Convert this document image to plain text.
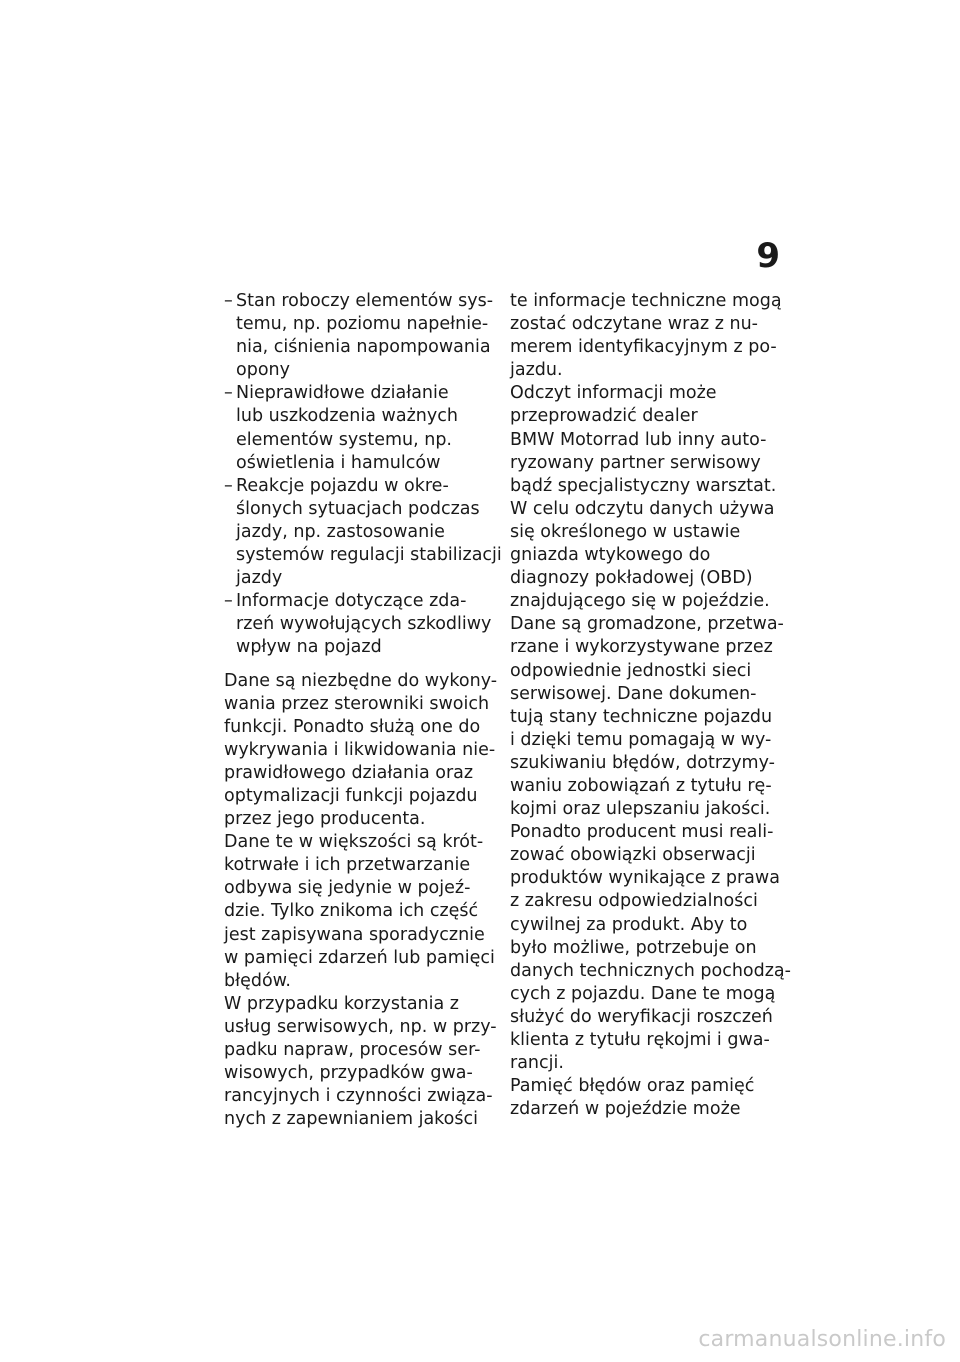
9
– Stan roboczy elementów sys-
temu, np. poziomu napełnie-
nia, ciśnienia napompowania
opony
– Nieprawidłowe działanie
lub uszkodzenia ważnych
elementów systemu, np.
oświetlenia i hamulców
– Reakcje pojazdu w okre-
ślonych sytuacjach podczas
jazdy, np. zastosowanie
systemów regulacji stabilizacji
jazdy
– Informacje dotyczące zda-
rzeń wywołujących szkodliwy
wpływ na pojazd
Dane są niezbędne do wykony-
wania przez sterowniki swoich
funkcji. Ponadto służą one do
wykrywania i likwidowania nie-
prawidłowego działania oraz
optymalizacji funkcji pojazdu
przez jego producenta.
Dane te w większości są krót-
kotrwałe i ich przetwarzanie
odbywa się jedynie w pojeź-
dzie. Tylko znikoma ich część
jest zapisywana sporadycznie
w pamięci zdarzeń lub pamięci
błędów.
W przypadku korzystania z
usług serwisowych, np. w przy-
padku napraw, procesów ser-
wisowych, przypadków gwa-
rancyjnych i czynności związa-
nych z zapewnianiem jakości
te informacje techniczne mogą
zostać odczytane wraz z nu-
merem identyfikacyjnym z po-
jazdu.
Odczyt informacji może
przeprowadzić dealer
BMW Motorrad lub inny auto-
ryzowany partner serwisowy
bądź specjalistyczny warsztat.
W celu odczytu danych używa
się określonego w ustawie
gniazda wtykowego do
diagnozy pokładowej (OBD)
znajdującego się w pojeździe.
Dane są gromadzone, przetwa-
rzane i wykorzystywane przez
odpowiednie jednostki sieci
serwisowej. Dane dokumen-
tują stany techniczne pojazdu
i dzięki temu pomagają w wy-
szukiwaniu błędów, dotrzymy-
waniu zobowiązań z tytułu rę-
kojmi oraz ulepszaniu jakości.
Ponadto producent musi reali-
zować obowiązki obserwacji
produktów wynikające z prawa
z zakresu odpowiedzialności
cywilnej za produkt. Aby to
było możliwe, potrzebuje on
danych technicznych pochodzą-
cych z pojazdu. Dane te mogą
służyć do weryfikacji roszczeń
klienta z tytułu rękojmi i gwa-
rancji.
Pamięć błędów oraz pamięć
zdarzeń w pojeździe może
carmanualsonline.info
